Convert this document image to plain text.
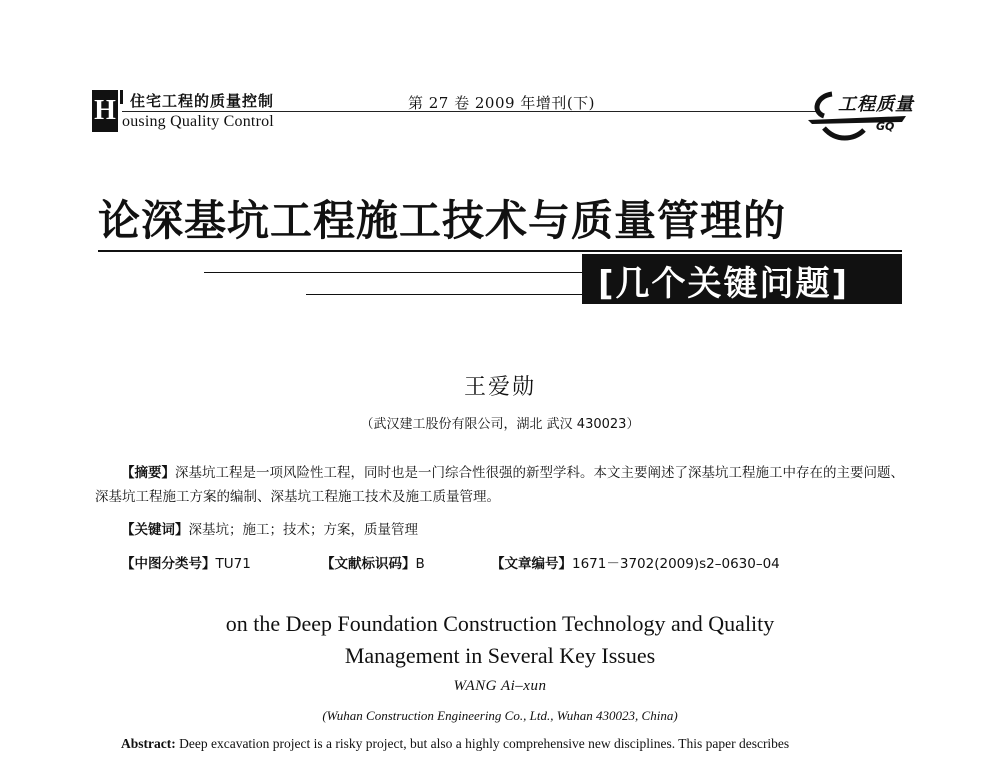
H 住宅工程的质量控制
ousing Quality Control
第 27 卷 2009 年增刊(下)
GQ
工程质量
论深基坑工程施工技术与质量管理的
[几个关键问题]
王爱勋
（武汉建工股份有限公司，湖北 武汉 430023）
【摘要】深基坑工程是一项风险性工程，同时也是一门综合性很强的新型学科。本文主要阐述了深基坑工程施工中存在的主要问题、深基坑工程施工方案的编制、深基坑工程施工技术及施工质量管理。
【关键词】深基坑；施工；技术；方案，质量管理
【中图分类号】TU71	【文献标识码】B	【文章编号】1671－3702(2009)s2–0630–04
on the Deep Foundation Construction Technology and Quality
Management in Several Key Issues
WANG Ai–xun
(Wuhan Construction Engineering Co., Ltd., Wuhan 430023, China)
Abstract: Deep excavation project is a risky project, but also a highly comprehensive new disciplines. This paper describes
